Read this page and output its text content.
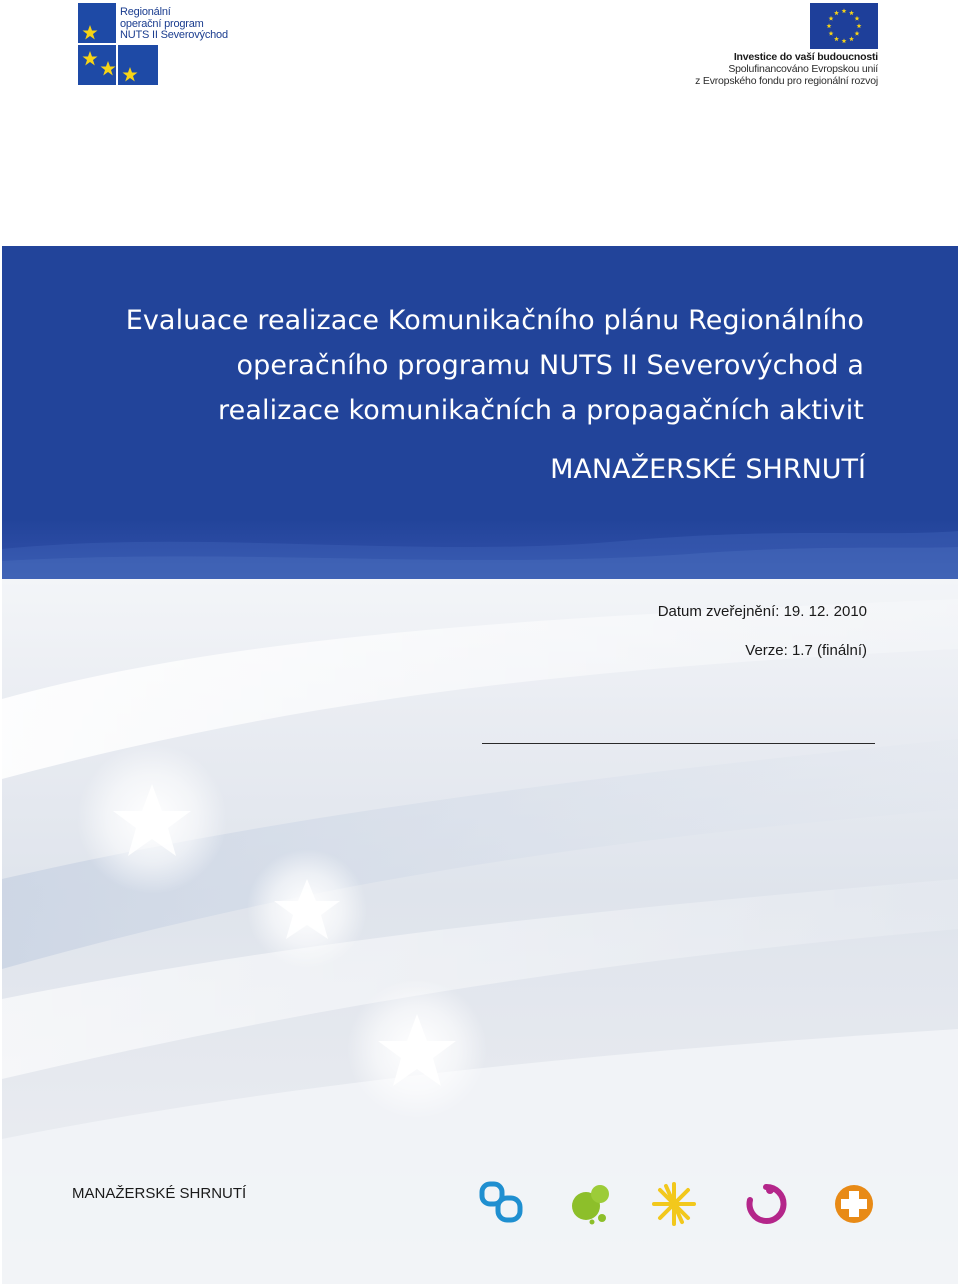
Regionální
operační program
NUTS II Severovýchod
Investice do vaší budoucnosti
Spolufinancováno Evropskou unií
z Evropského fondu pro regionální rozvoj
Evaluace realizace Komunikačního plánu Regionálního
operačního programu NUTS II Severovýchod a
realizace komunikačních a propagačních aktivit
MANAŽERSKÉ SHRNUTÍ
Datum zveřejnění: 19. 12. 2010
Verze: 1.7 (finální)
MANAŽERSKÉ SHRNUTÍ
